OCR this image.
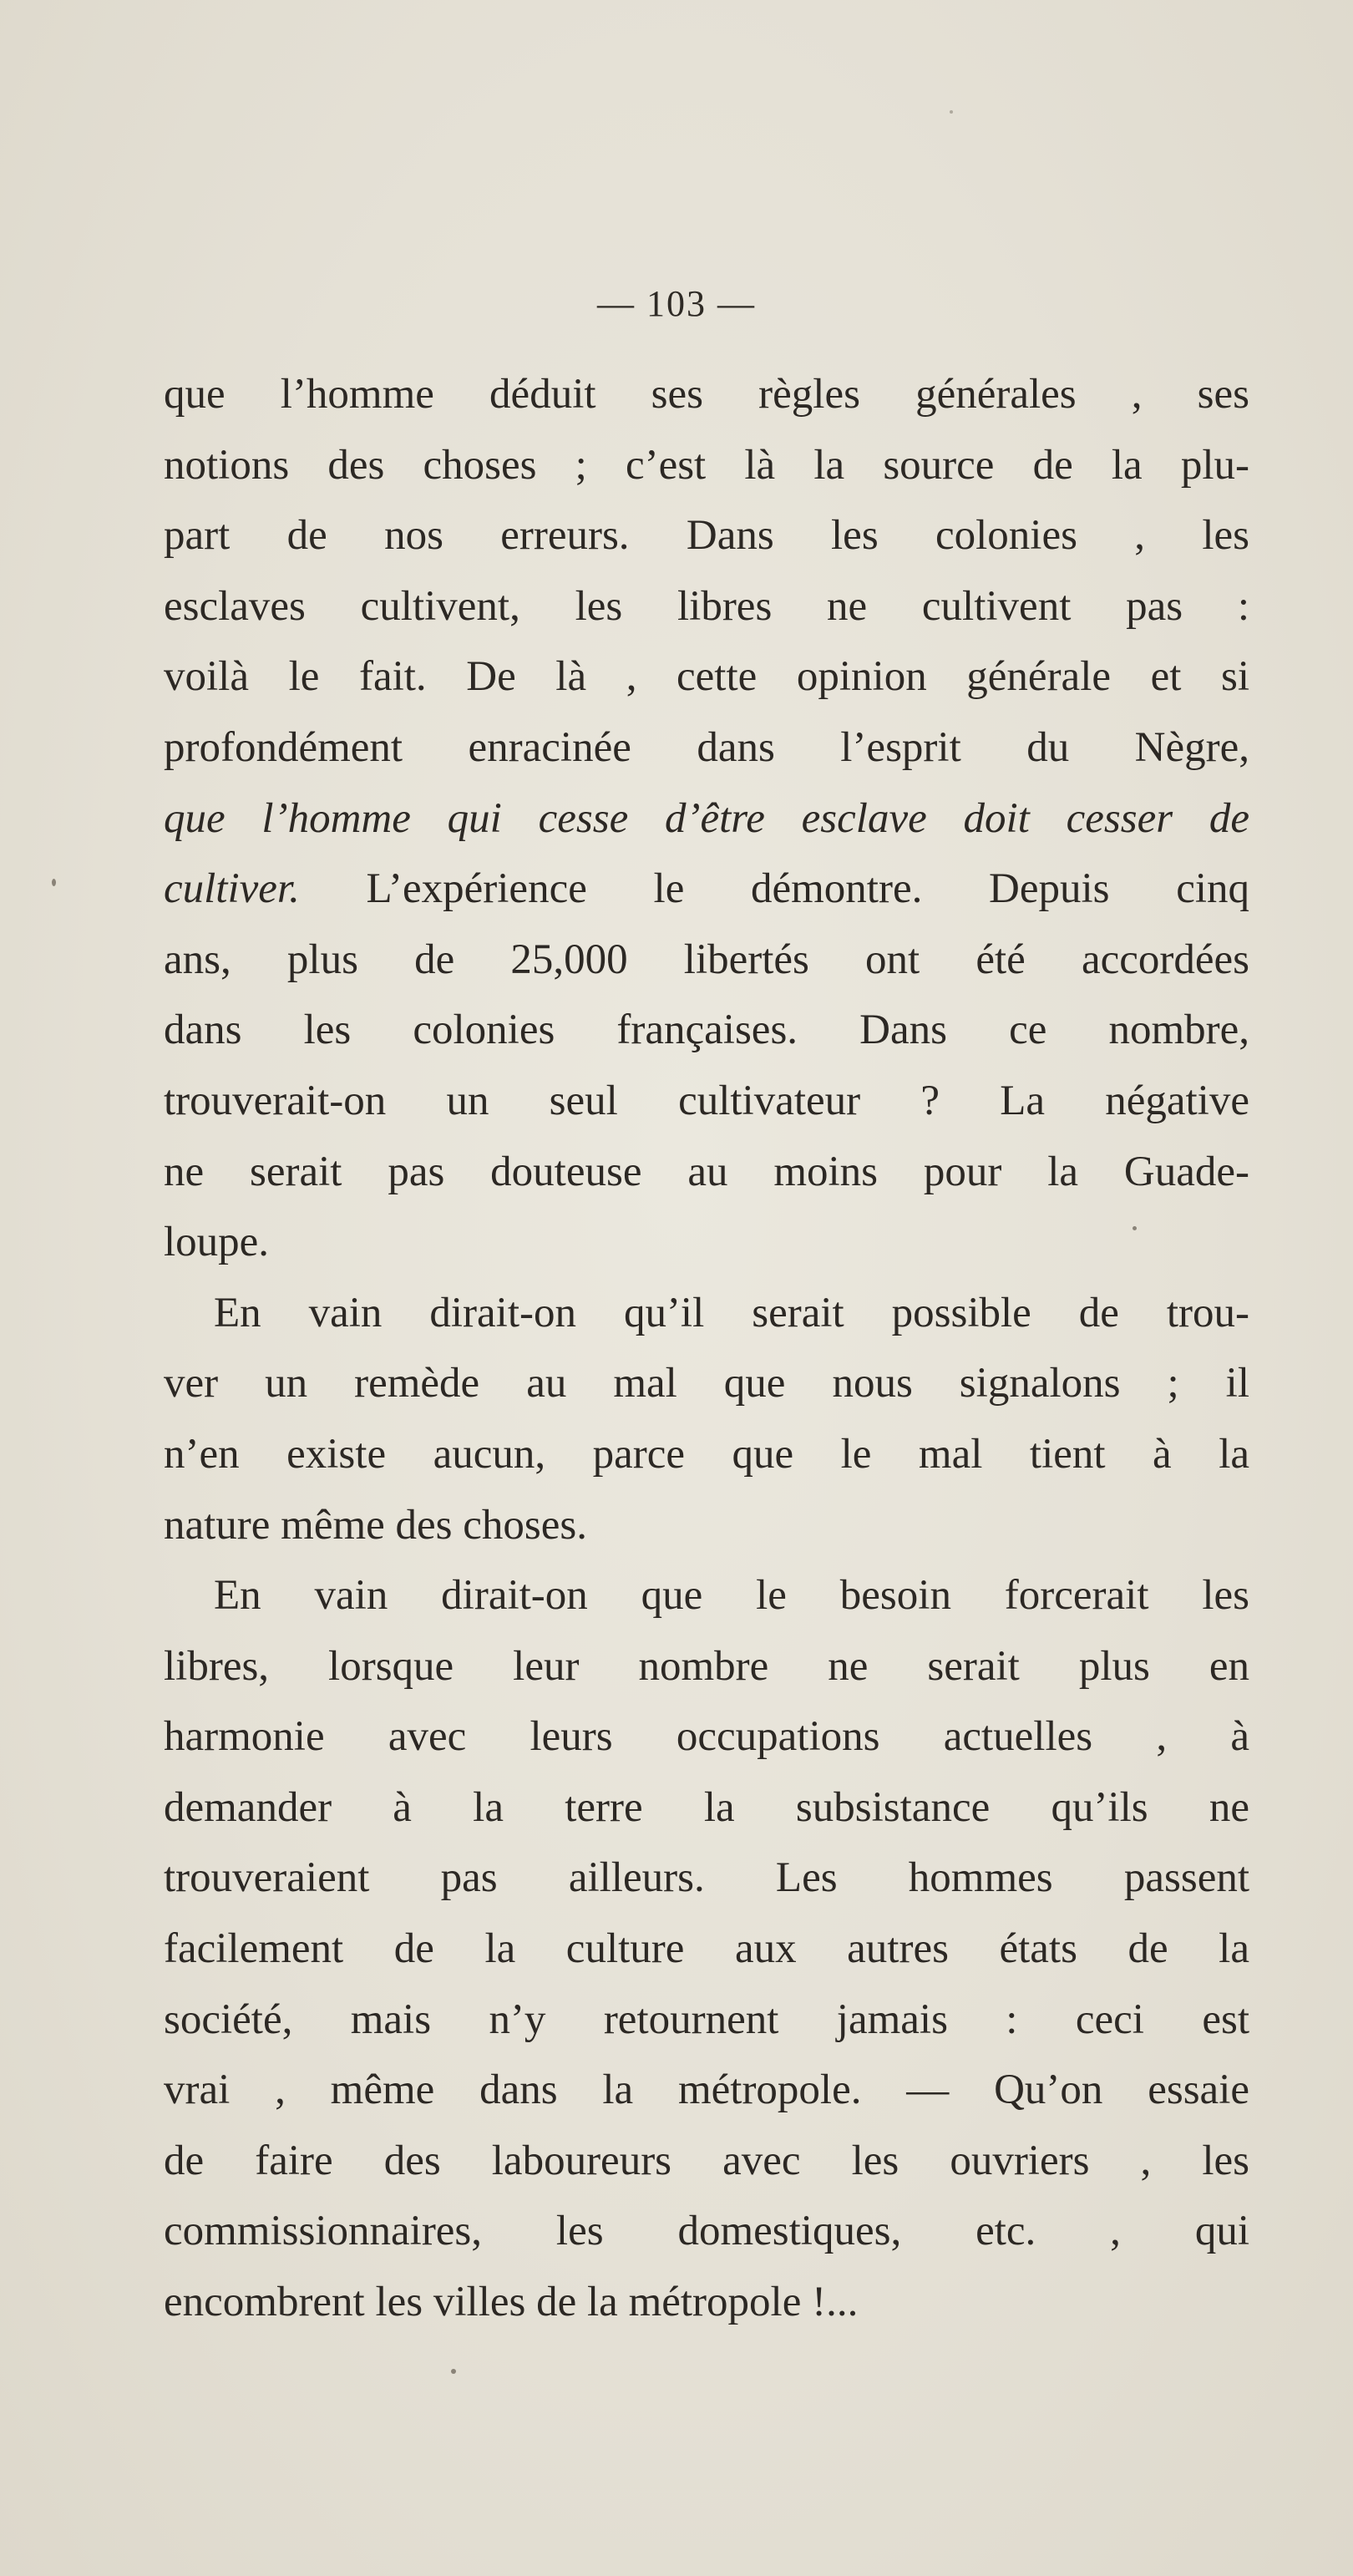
— 103 —
que l’homme déduit ses règles générales , ses
notions des choses ; c’est là la source de la plu-
part de nos erreurs. Dans les colonies , les
esclaves cultivent, les libres ne cultivent pas :
voilà le fait. De là , cette opinion générale et si
profondément enracinée dans l’esprit du Nègre,
que l’homme qui cesse d’être esclave doit cesser de
cultiver. L’expérience le démontre. Depuis cinq
ans, plus de 25,000 libertés ont été accordées
dans les colonies françaises. Dans ce nombre,
trouverait-on un seul cultivateur ? La négative
ne serait pas douteuse au moins pour la Guade-
loupe.
En vain dirait-on qu’il serait possible de trou-
ver un remède au mal que nous signalons ; il
n’en existe aucun, parce que le mal tient à la
nature même des choses.
En vain dirait-on que le besoin forcerait les
libres, lorsque leur nombre ne serait plus en
harmonie avec leurs occupations actuelles , à
demander à la terre la subsistance qu’ils ne
trouveraient pas ailleurs. Les hommes passent
facilement de la culture aux autres états de la
société, mais n’y retournent jamais : ceci est
vrai , même dans la métropole. — Qu’on essaie
de faire des laboureurs avec les ouvriers , les
commissionnaires, les domestiques, etc. , qui
encombrent les villes de la métropole !...
